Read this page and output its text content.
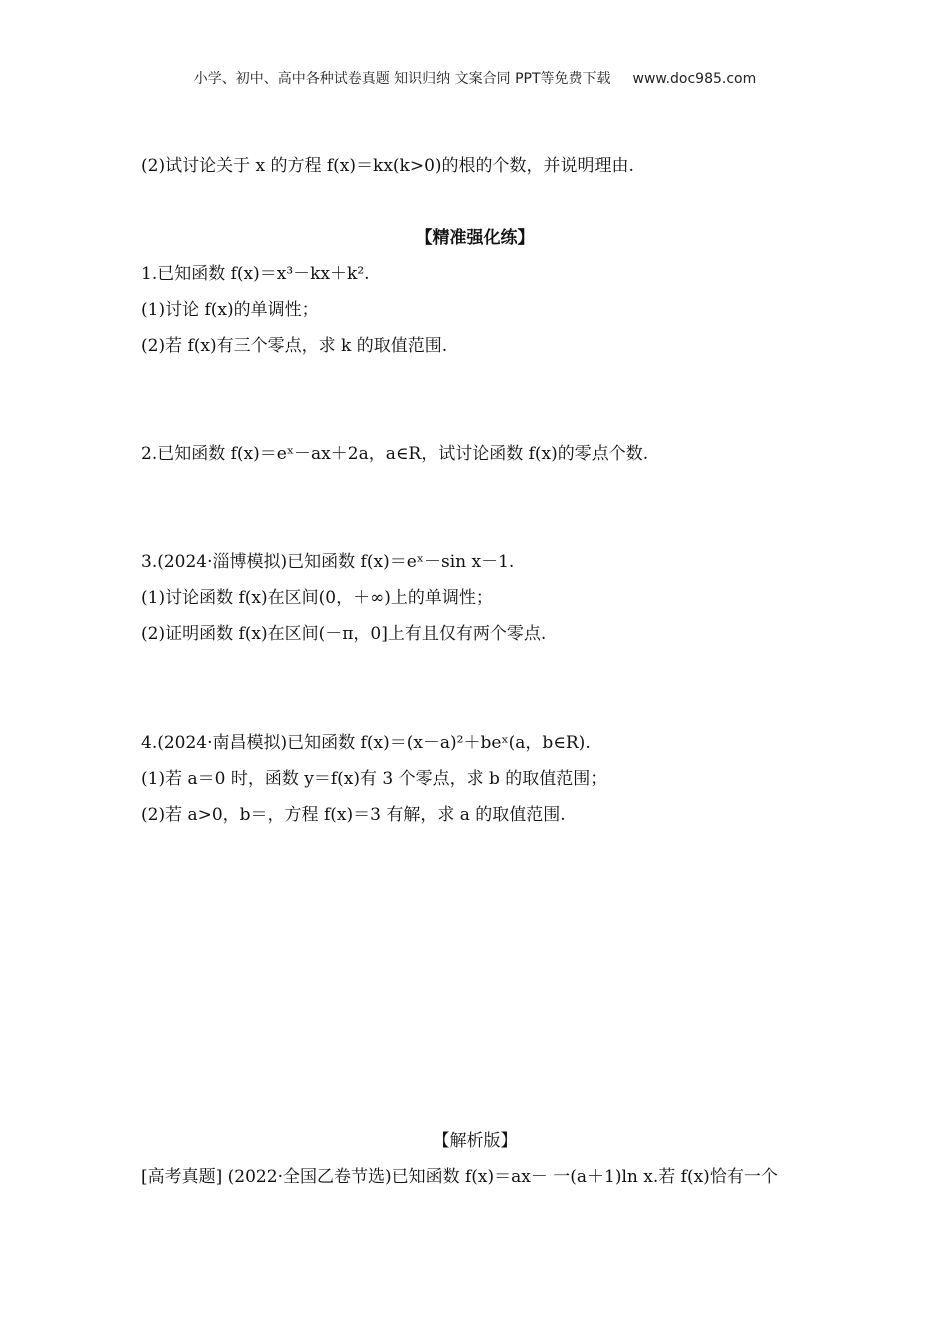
小学、初中、高中各种试卷真题 知识归纳 文案合同 PPT等免费下载 www.doc985.com
(2)试讨论关于 x 的方程 f(x)＝kx(k>0)的根的个数，并说明理由.
【精准强化练】
1.已知函数 f(x)＝x³－kx＋k².
(1)讨论 f(x)的单调性；
(2)若 f(x)有三个零点，求 k 的取值范围.
2.已知函数 f(x)＝eˣ－ax＋2a，a∈R，试讨论函数 f(x)的零点个数.
3.(2024·淄博模拟)已知函数 f(x)＝eˣ－sin x－1.
(1)讨论函数 f(x)在区间(0，＋∞)上的单调性；
(2)证明函数 f(x)在区间(－π，0]上有且仅有两个零点.
4.(2024·南昌模拟)已知函数 f(x)＝(x－a)²＋beˣ(a，b∈R).
(1)若 a＝0 时，函数 y＝f(x)有 3 个零点，求 b 的取值范围；
(2)若 a>0，b＝，方程 f(x)＝3 有解，求 a 的取值范围.
【解析版】
[高考真题] (2022·全国乙卷节选)已知函数 f(x)＝ax－ 一(a＋1)ln x.若 f(x)恰有一个
